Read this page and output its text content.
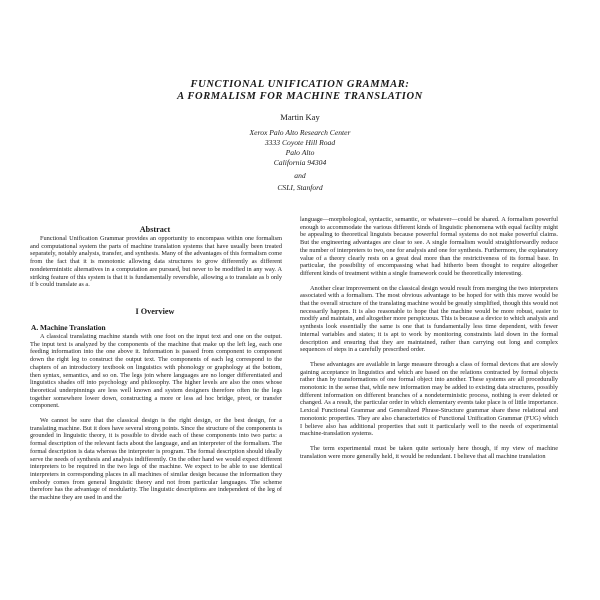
FUNCTIONAL UNIFICATION GRAMMAR:
A FORMALISM FOR MACHINE TRANSLATION
Martin Kay
Xerox Palo Alto Research Center
3333 Coyote Hill Road
Palo Alto
California 94304
and
CSLI, Stanford
Abstract

Functional Unification Grammar provides an opportunity to encompass within one formalism and computational system the parts of machine translation systems that have usually been treated separately, notably analysis, transfer, and synthesis. Many of the advantages of this formalism come from the fact that it is monotonic allowing data structures to grow differently as different nondeterministic alternatives in a computation are pursued, but never to be modified in any way. A striking feature of this system is that it is fundamentally reversible, allowing a to translate as b only if b could translate as a.

I Overview
A. Machine Translation

A classical translating machine stands with one foot on the input text and one on the output. The input text is analyzed by the components of the machine that make up the left leg, each one feeding information into the one above it. Information is passed from component to component down the right leg to construct the output text. The components of each leg correspond to the chapters of an introductory textbook on linguistics with phonology or graphology at the bottom, then syntax, semantics, and so on. The legs join where languages are no longer differentiated and linguistics shades off into psychology and philosophy. The higher levels are also the ones whose theoretical underpinnings are less well known and system designers therefore often tie the legs together somewhere lower down, constructing a more or less ad hoc bridge, pivot, or transfer component.

We cannot be sure that the classical design is the right design, or the best design, for a translating machine. But it does have several strong points. Since the structure of the components is grounded in linguistic theory, it is possible to divide each of these components into two parts: a formal description of the relevant facts about the language, and an interpreter of the formalism. The formal description is data whereas the interpreter is program. The formal description should ideally serve the needs of synthesis and analysis indifferently. On the other hand we would expect different interpreters to be required in the two legs of the machine. We expect to be able to use identical interpreters in corresponding places in all machines of similar design because the information they embody comes from general linguistic theory and not from particular languages. The scheme therefore has the advantage of modularity. The linguistic descriptions are independent of the leg of the machine they are used in and the

language—morphological, syntactic, semantic, or whatever—could be shared. A formalism powerful enough to accommodate the various different kinds of linguistic phenomena with equal facility might be appealing to theoretical linguists because powerful formal systems do not make powerful claims. But the engineering advantages are clear to see. A single formalism would straightforwardly reduce the number of interpreters to two, one for analysis and one for synthesis. Furthermore, the explanatory value of a theory clearly rests on a great deal more than the restrictiveness of its formal base. In particular, the possibility of encompassing what had hitherto been thought to require altogether different kinds of treatment within a single framework could be theoretically interesting.

Another clear improvement on the classical design would result from merging the two interpreters associated with a formalism. The most obvious advantage to be hoped for with this move would be that the overall structure of the translating machine would be greatly simplified, though this would not necessarily happen. It is also reasonable to hope that the machine would be more robust, easier to modify and maintain, and altogether more perspicuous. This is because a device to which analysis and synthesis look essentially the same is one that is fundamentally less time dependent, with fewer internal variables and states; it is apt to work by monitoring constraints laid down in the formal description and ensuring that they are maintained, rather than carrying out long and complex sequences of steps in a carefully prescribed order.

These advantages are available in large measure through a class of formal devices that are slowly gaining acceptance in linguistics and which are based on the relations contracted by formal objects rather than by transformations of one formal object into another. These systems are all procedurally monotonic in the sense that, while new information may be added to existing data structures, possibly different information on different branches of a nondeterministic process, nothing is ever deleted or changed. As a result, the particular order in which elementary events take place is of little importance. Lexical Functional Grammar and Generalized Phrase-Structure grammar share these relational and monotonic properties. They are also characteristics of Functional Unification Grammar (FUG) which I believe also has additional properties that suit it particularly well to the needs of experimental machine-translation systems.

The term experimental must be taken quite seriously here though, if my view of machine translation were more generally held, it would be redundant. I believe that all machine translation
